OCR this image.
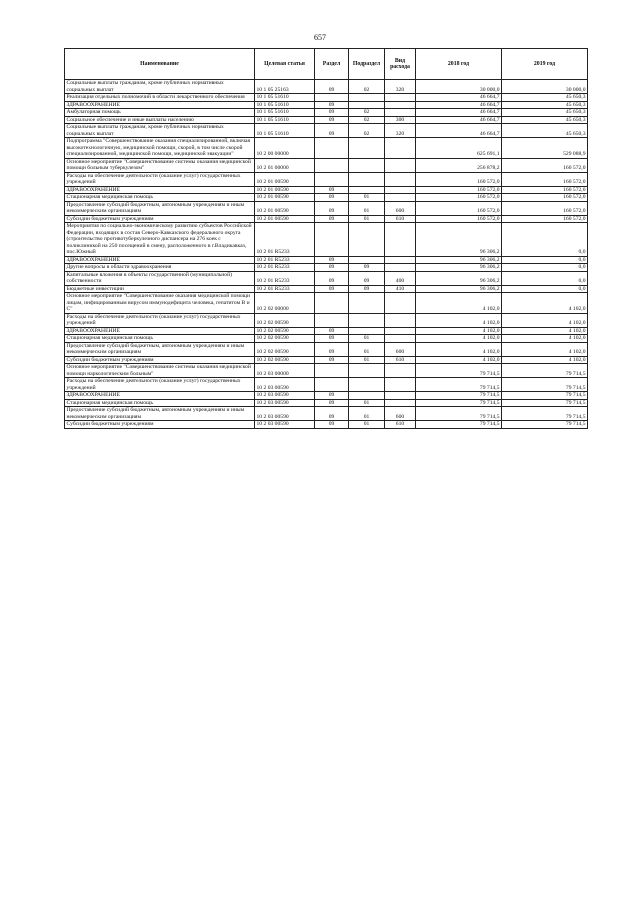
657
Наименование	Целевая статья	Раздел	Подраздел	Вид расхода	2018 год	2019 год
Социальные выплаты гражданам, кроме публичных нормативных социальных выплат	10 1 05 25163	09	02	320	30 000,0	30 000,0
Реализация отдельных полномочий в области лекарственного обеспечения	10 1 05 51610				46 664,7	45 650,3
ЗДРАВООХРАНЕНИЕ	10 1 05 51610	09			46 664,7	45 650,3
Амбулаторная помощь	10 1 05 51610	09	02		46 664,7	45 650,3
Социальное обеспечение и иные выплаты населению	10 1 05 51610	09	02	300	46 664,7	45 650,3
Социальные выплаты гражданам, кроме публичных нормативных социальных выплат	10 1 05 51610	09	02	320	46 664,7	45 650,3
Подпрограмма "Совершенствование оказания специализированной, включая высокотехнологичную, медицинской помощи, скорой, в том числе скорой специализированной, медицинской помощи, медицинской эвакуации"	10 2 00 00000				625 691,1	529 088,9
Основное мероприятие "Совершенствование системы оказания медицинской помощи больным туберкулезом"	10 2 01 00000				256 878,2	160 572,0
Расходы на обеспечение деятельности (оказание услуг) государственных учреждений	10 2 01 00590				160 572,0	160 572,0
ЗДРАВООХРАНЕНИЕ	10 2 01 00590	09			160 572,0	160 572,0
Стационарная медицинская помощь	10 2 01 00590	09	01		160 572,0	160 572,0
Предоставление субсидий бюджетным, автономным учреждениям и иным некоммерческим организациям	10 2 01 00590	09	01	600	160 572,0	160 572,0
Субсидии бюджетным учреждениям	10 2 01 00590	09	01	610	160 572,0	160 572,0
Мероприятия по социально-экономическому развитию субъектов Российской Федерации, входящих в состав Северо-Кавказского федерального округа (строительство противотуберкулезного диспансера на 276 коек с поликлиникой на 250 посещений в смену, расположенного в г.Владикавказ, пос.Южный	10 2 01 R5233				96 306,2	0,0
ЗДРАВООХРАНЕНИЕ	10 2 01 R5233	09			96 306,2	0,0
Другие вопросы в области здравоохранения	10 2 01 R5233	09	09		96 306,2	0,0
Капитальные вложения в объекты государственной (муниципальной) собственности	10 2 01 R5233	09	09	400	96 306,2	0,0
Бюджетные инвестиции	10 2 01 R5233	09	09	410	96 306,2	0,0
Основное мероприятие "Совершенствование оказания медицинской помощи лицам, инфицированным вирусом иммунодефицита человека, гепатитом В и С"	10 2 02 00000				4 102,0	4 102,0
Расходы на обеспечение деятельности (оказание услуг) государственных учреждений	10 2 02 00590				4 102,0	4 102,0
ЗДРАВООХРАНЕНИЕ	10 2 02 00590	09			4 102,0	4 102,0
Стационарная медицинская помощь	10 2 02 00590	09	01		4 102,0	4 102,0
Предоставление субсидий бюджетным, автономным учреждениям и иным некоммерческим организациям	10 2 02 00590	09	01	600	4 102,0	4 102,0
Субсидии бюджетным учреждениям	10 2 02 00590	09	01	610	4 102,0	4 102,0
Основное мероприятие "Совершенствование системы оказания медицинской помощи наркологическим больным"	10 2 03 00000				79 714,5	79 714,5
Расходы на обеспечение деятельности (оказание услуг) государственных учреждений	10 2 03 00590				79 714,5	79 714,5
ЗДРАВООХРАНЕНИЕ	10 2 03 00590	09			79 714,5	79 714,5
Стационарная медицинская помощь	10 2 03 00590	09	01		79 714,5	79 714,5
Предоставление субсидий бюджетным, автономным учреждениям и иным некоммерческим организациям	10 2 03 00590	09	01	600	79 714,5	79 714,5
Субсидии бюджетным учреждениям	10 2 03 00590	09	01	610	79 714,5	79 714,5
